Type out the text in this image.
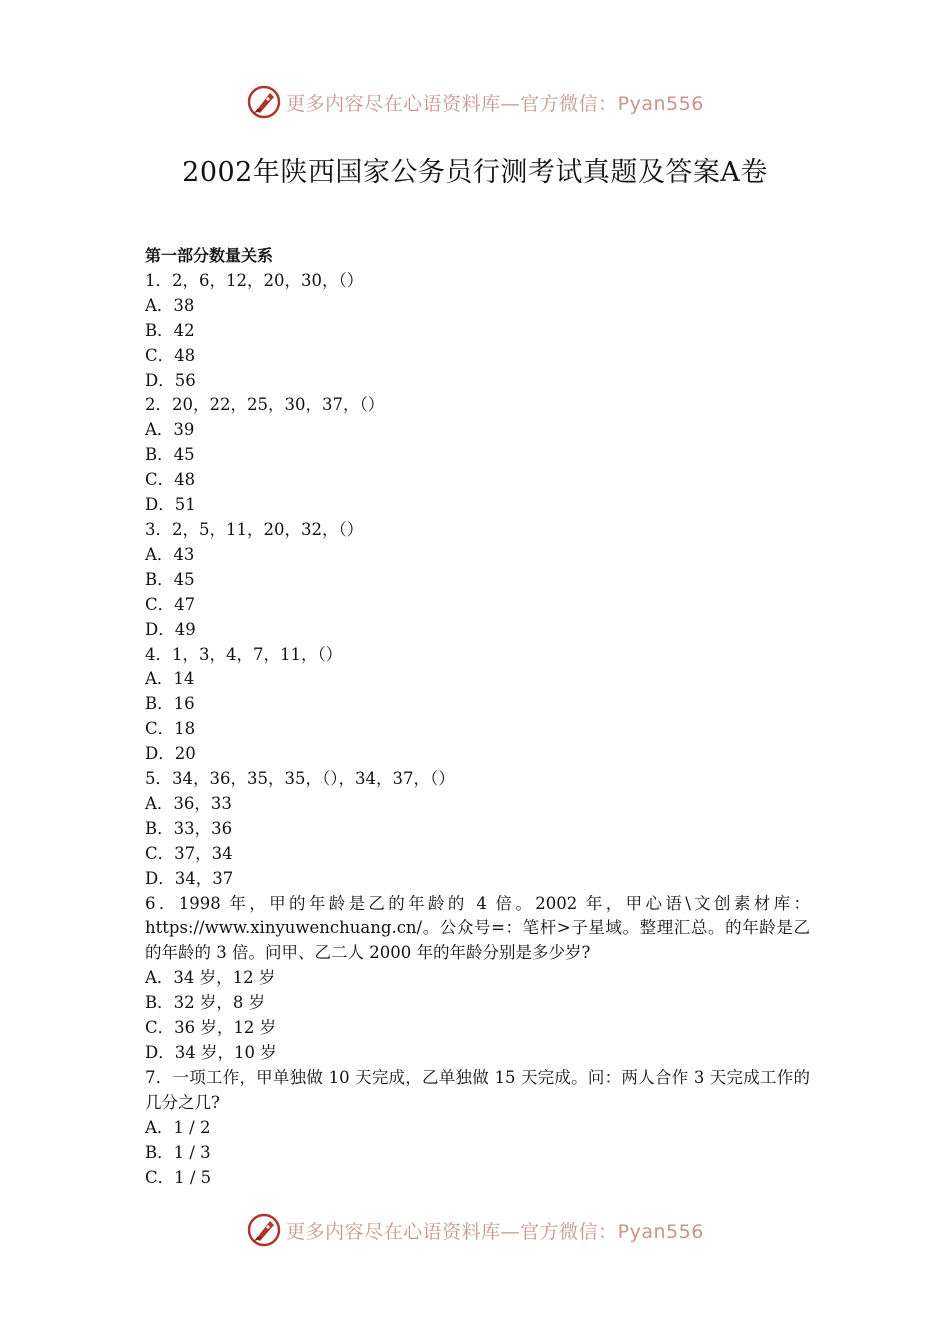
更多内容尽在心语资料库—官方微信：Pyan556
2002年陕西国家公务员行测考试真题及答案A卷
第一部分数量关系
1．2，6，12，20，30，（）
A．38
B．42
C．48
D．56
2．20，22，25，30，37，（）
A．39
B．45
C．48
D．51
3．2，5，11，20，32，（）
A．43
B．45
C．47
D．49
4．1，3，4，7，11，（）
A．14
B．16
C．18
D．20
5．34，36，35，35，（），34，37，（）
A．36，33
B．33，36
C．37，34
D．34，37
6．1998 年，甲的年龄是乙的年龄的 4 倍。2002 年，甲心语\文创素材库：https://www.xinyuwenchuang.cn/。公众号=：笔杆>子星域。整理汇总。的年龄是乙的年龄的 3 倍。问甲、乙二人 2000 年的年龄分别是多少岁?
A．34 岁，12 岁
B．32 岁，8 岁
C．36 岁，12 岁
D．34 岁，10 岁
7．一项工作，甲单独做 10 天完成，乙单独做 15 天完成。问：两人合作 3 天完成工作的几分之几?
A．1 / 2
B．1 / 3
C．1 / 5
更多内容尽在心语资料库—官方微信：Pyan556
